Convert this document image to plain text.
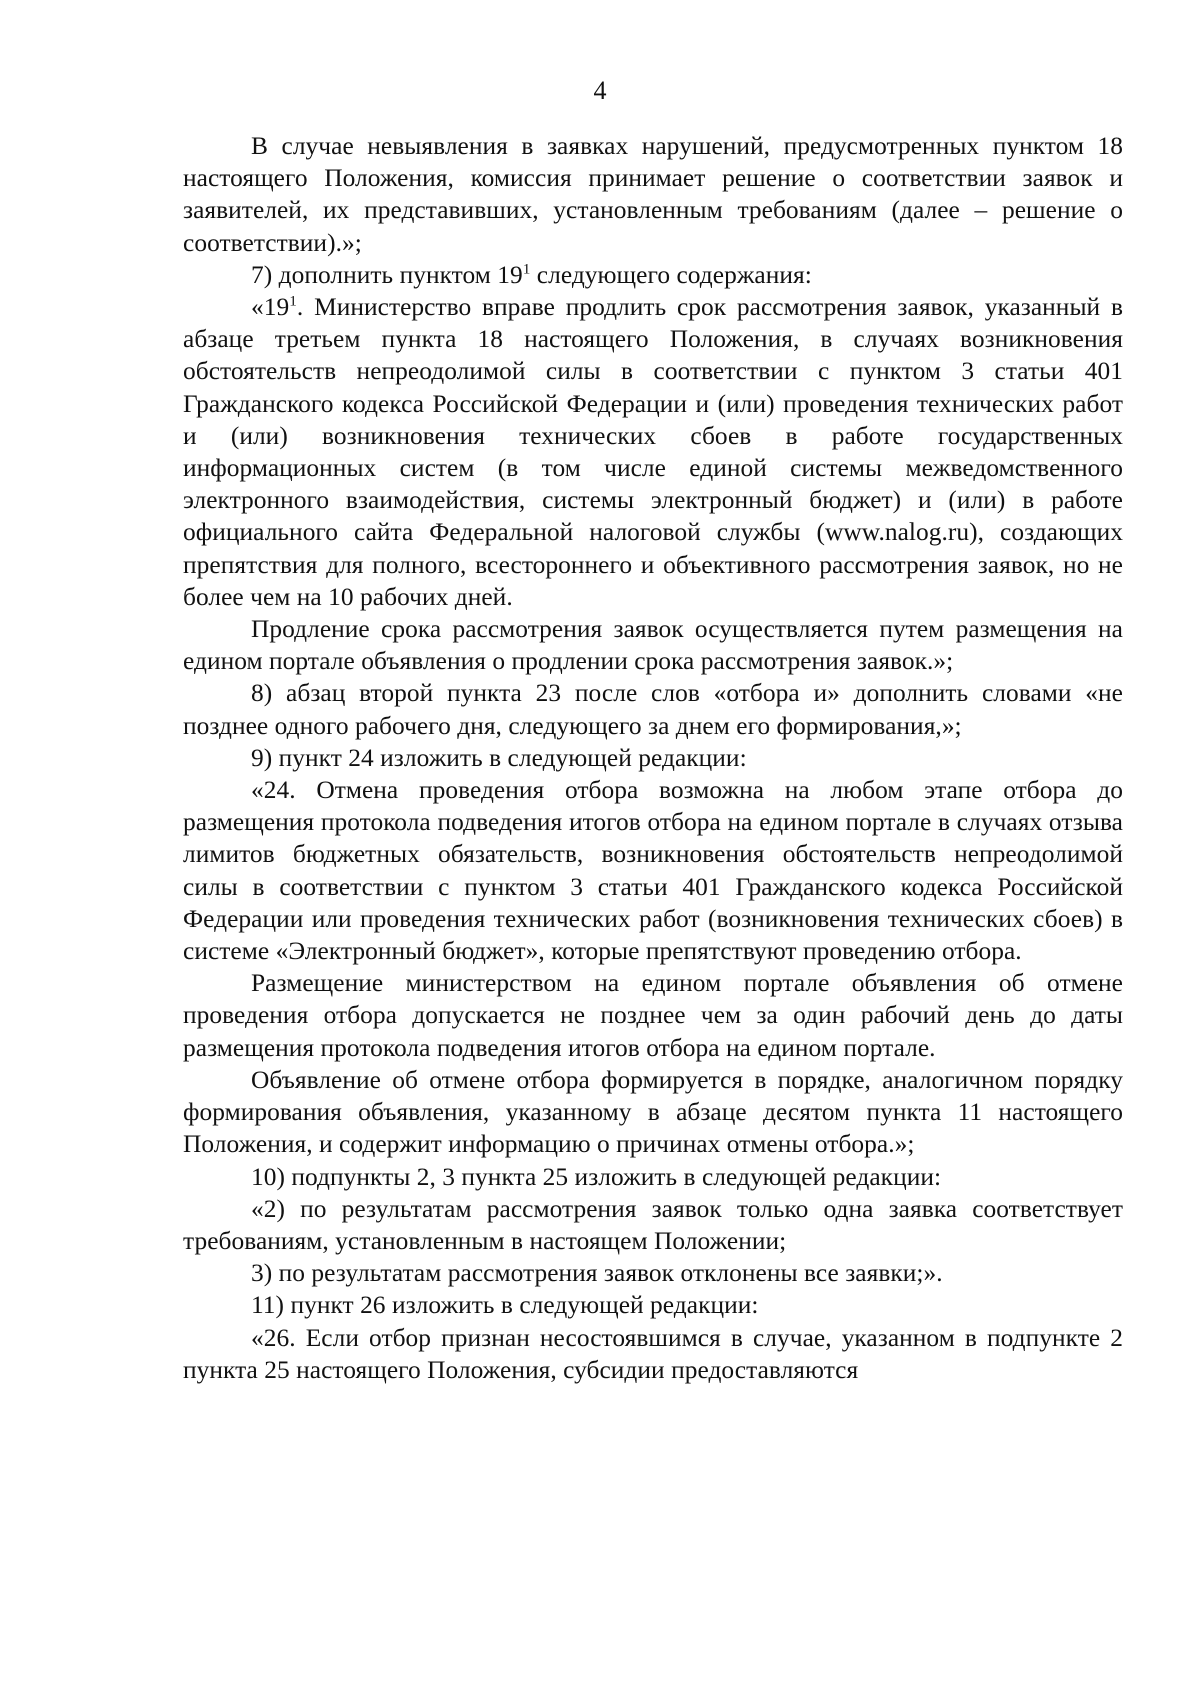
4

В случае невыявления в заявках нарушений, предусмотренных пунктом 18 настоящего Положения, комиссия принимает решение о соответствии заявок и заявителей, их представивших, установленным требованиям (далее – решение о соответствии).»;

7) дополнить пунктом $19^1$ следующего содержания:

«$19^1$. Министерство вправе продлить срок рассмотрения заявок, указанный в абзаце третьем пункта 18 настоящего Положения, в случаях возникновения обстоятельств непреодолимой силы в соответствии с пунктом 3 статьи 401 Гражданского кодекса Российской Федерации и (или) проведения технических работ и (или) возникновения технических сбоев в работе государственных информационных систем (в том числе единой системы межведомственного электронного взаимодействия, системы электронный бюджет) и (или) в работе официального сайта Федеральной налоговой службы (www.nalog.ru), создающих препятствия для полного, всестороннего и объективного рассмотрения заявок, но не более чем на 10 рабочих дней.

Продление срока рассмотрения заявок осуществляется путем размещения на едином портале объявления о продлении срока рассмотрения заявок.»;

8) абзац второй пункта 23 после слов «отбора и» дополнить словами «не позднее одного рабочего дня, следующего за днем его формирования,»;

9) пункт 24 изложить в следующей редакции:

«24. Отмена проведения отбора возможна на любом этапе отбора до размещения протокола подведения итогов отбора на едином портале в случаях отзыва лимитов бюджетных обязательств, возникновения обстоятельств непреодолимой силы в соответствии с пунктом 3 статьи 401 Гражданского кодекса Российской Федерации или проведения технических работ (возникновения технических сбоев) в системе «Электронный бюджет», которые препятствуют проведению отбора.

Размещение министерством на едином портале объявления об отмене проведения отбора допускается не позднее чем за один рабочий день до даты размещения протокола подведения итогов отбора на едином портале.

Объявление об отмене отбора формируется в порядке, аналогичном порядку формирования объявления, указанному в абзаце десятом пункта 11 настоящего Положения, и содержит информацию о причинах отмены отбора.»;

10) подпункты 2, 3 пункта 25 изложить в следующей редакции:

«2) по результатам рассмотрения заявок только одна заявка соответствует требованиям, установленным в настоящем Положении;

3) по результатам рассмотрения заявок отклонены все заявки;».

11) пункт 26 изложить в следующей редакции:

«26. Если отбор признан несостоявшимся в случае, указанном в подпункте 2 пункта 25 настоящего Положения, субсидии предоставляются
